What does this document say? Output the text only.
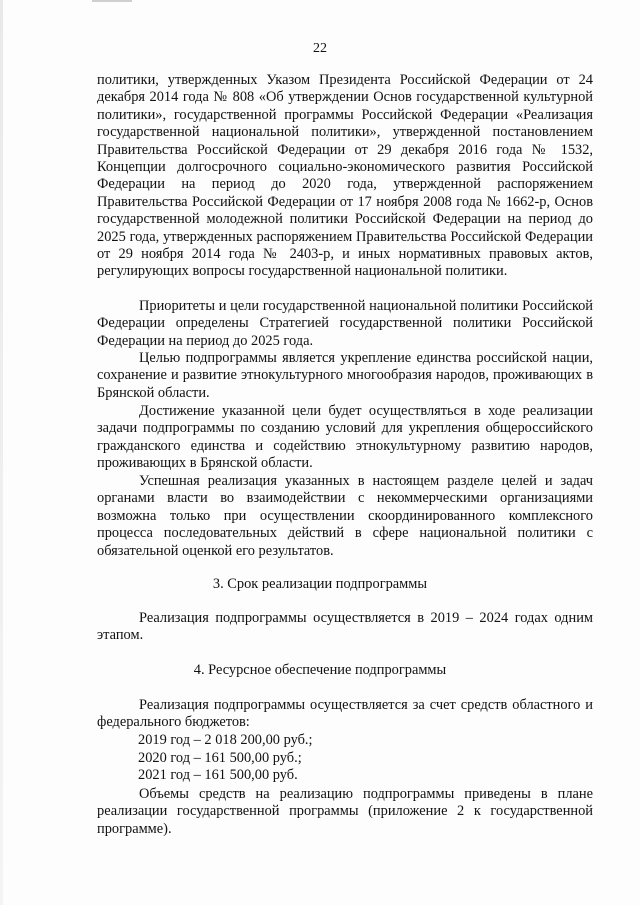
22

политики, утвержденных Указом Президента Российской Федерации от 24 декабря 2014 года № 808 «Об утверждении Основ государственной культурной политики», государственной программы Российской Федерации «Реализация государственной национальной политики», утвержденной постановлением Правительства Российской Федерации от 29 декабря 2016 года № 1532, Концепции долгосрочного социально-экономического развития Российской Федерации на период до 2020 года, утвержденной распоряжением Правительства Российской Федерации от 17 ноября 2008 года № 1662-р, Основ государственной молодежной политики Российской Федерации на период до 2025 года, утвержденных распоряжением Правительства Российской Федерации от 29 ноября 2014 года № 2403-р, и иных нормативных правовых актов, регулирующих вопросы государственной национальной политики.

Приоритеты и цели государственной национальной политики Российской Федерации определены Стратегией государственной политики Российской Федерации на период до 2025 года.

Целью подпрограммы является укрепление единства российской нации, сохранение и развитие этнокультурного многообразия народов, проживающих в Брянской области.

Достижение указанной цели будет осуществляться в ходе реализации задачи подпрограммы по созданию условий для укрепления общероссийского гражданского единства и содействию этнокультурному развитию народов, проживающих в Брянской области.

Успешная реализация указанных в настоящем разделе целей и задач органами власти во взаимодействии с некоммерческими организациями возможна только при осуществлении скоординированного комплексного процесса последовательных действий в сфере национальной политики с обязательной оценкой его результатов.

3. Срок реализации подпрограммы

Реализация подпрограммы осуществляется в 2019 – 2024 годах одним этапом.

4. Ресурсное обеспечение подпрограммы

Реализация подпрограммы осуществляется за счет средств областного и федерального бюджетов:

2019 год – 2 018 200,00 руб.;
2020 год – 161 500,00 руб.;
2021 год – 161 500,00 руб.

Объемы средств на реализацию подпрограммы приведены в плане реализации государственной программы (приложение 2 к государственной программе).
